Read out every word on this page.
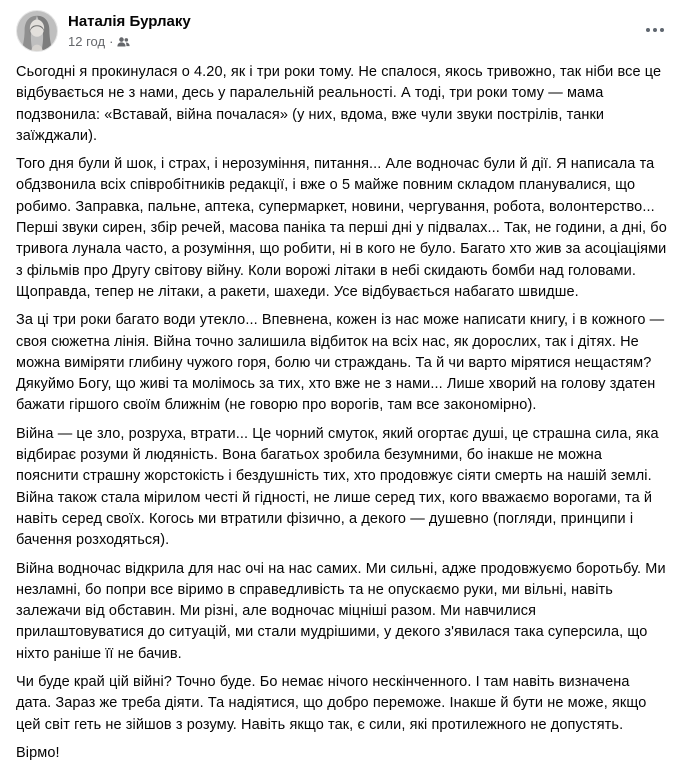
Наталія Бурлаку
12 год ·

Сьогодні я прокинулася о 4.20, як і три роки тому. Не спалося, якось тривожно, так ніби все це відбувається не з нами, десь у паралельній реальності. А тоді, три роки тому — мама подзвонила: «Вставай, війна почалася» (у них, вдома, вже чули звуки пострілів, танки заїжджали).

Того дня були й шок, і страх, і нерозуміння, питання... Але водночас були й дії. Я написала та обдзвонила всіх співробітників редакції, і вже о 5 майже повним складом планувалися, що робимо. Заправка, пальне, аптека, супермаркет, новини, чергування, робота, волонтерство... Перші звуки сирен, збір речей, масова паніка та перші дні у підвалах... Так, не години, а дні, бо тривога лунала часто, а розуміння, що робити, ні в кого не було. Багато хто жив за асоціаціями з фільмів про Другу світову війну. Коли ворожі літаки в небі скидають бомби над головами. Щоправда, тепер не літаки, а ракети, шахеди. Усе відбувається набагато швидше.

За ці три роки багато води утекло... Впевнена, кожен із нас може написати книгу, і в кожного — своя сюжетна лінія. Війна точно залишила відбиток на всіх нас, як дорослих, так і дітях. Не можна виміряти глибину чужого горя, болю чи страждань. Та й чи варто мірятися нещастям? Дякуймо Богу, що живі та молімось за тих, хто вже не з нами... Лише хворий на голову здатен бажати гіршого своїм ближнім (не говорю про ворогів, там все закономірно).

Війна — це зло, розруха, втрати... Це чорний смуток, який огортає душі, це страшна сила, яка відбирає розуми й людяність. Вона багатьох зробила безумними, бо інакше не можна пояснити страшну жорстокість і бездушність тих, хто продовжує сіяти смерть на нашій землі. Війна також стала мірилом честі й гідності, не лише серед тих, кого вважаємо ворогами, та й навіть серед своїх. Когось ми втратили фізично, а декого — душевно (погляди, принципи і бачення розходяться).

Війна водночас відкрила для нас очі на нас самих. Ми сильні, адже продовжуємо боротьбу. Ми незламні, бо попри все віримо в справедливість та не опускаємо руки, ми вільні, навіть залежачи від обставин. Ми різні, але водночас міцніші разом. Ми навчилися прилаштовуватися до ситуацій, ми стали мудрішими, у декого з'явилася така суперсила, що ніхто раніше її не бачив.

Чи буде край цій війні? Точно буде. Бо немає нічого нескінченного. І там навіть визначена дата. Зараз же треба діяти. Та надіятися, що добро переможе. Інакше й бути не може, якщо цей світ геть не зійшов з розуму. Навіть якщо так, є сили, які протилежного не допустять.

Вірмо!
